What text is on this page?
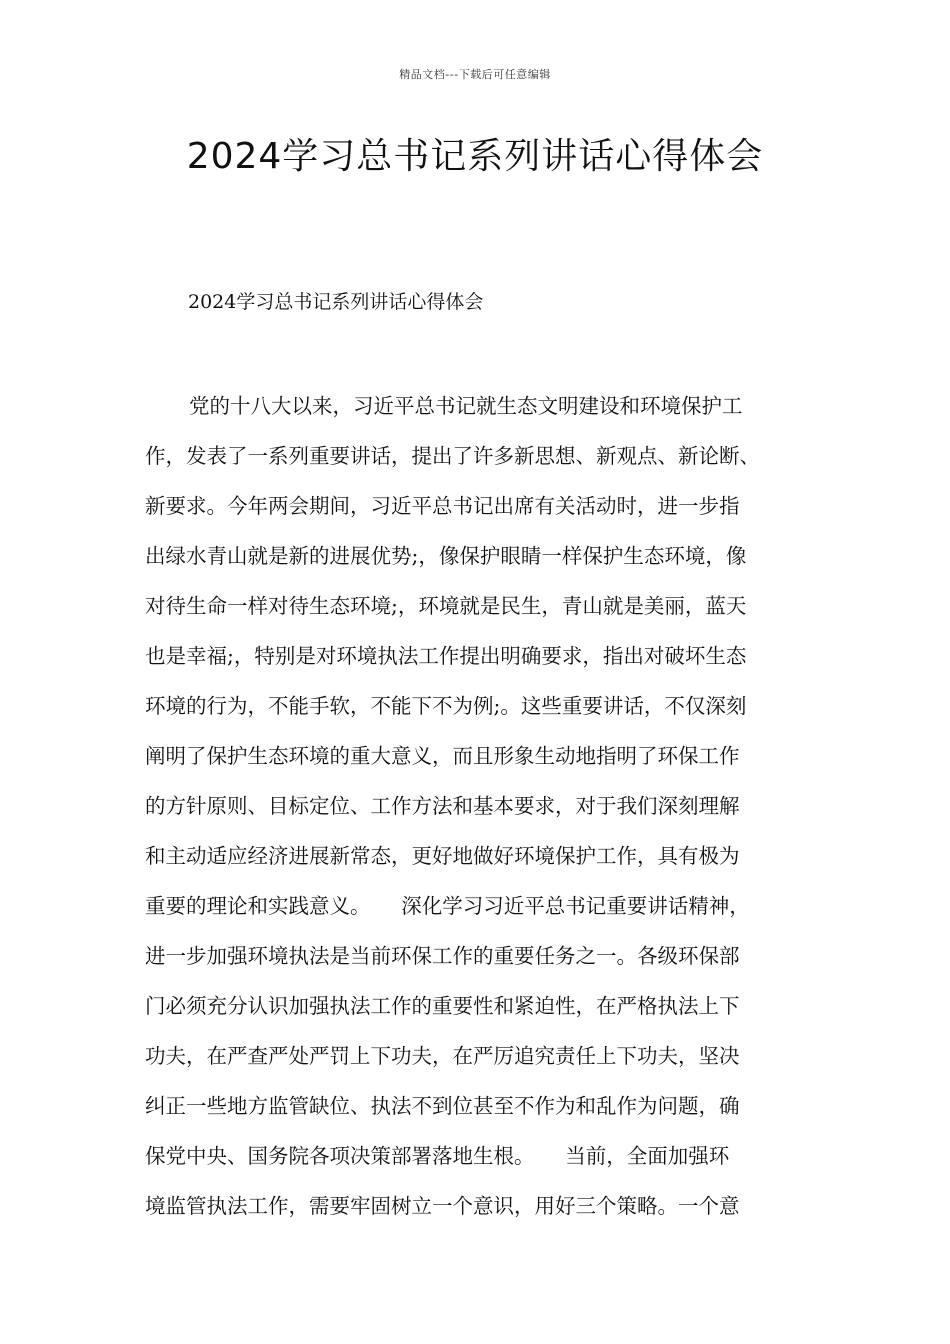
精品文档---下载后可任意编辑
2024学习总书记系列讲话心得体会
2024学习总书记系列讲话心得体会

党的十八大以来，习近平总书记就生态文明建设和环境保护工
作，发表了一系列重要讲话，提出了许多新思想、新观点、新论断、
新要求。今年两会期间，习近平总书记出席有关活动时，进一步指
出绿水青山就是新的进展优势;，像保护眼睛一样保护生态环境，像
对待生命一样对待生态环境;，环境就是民生，青山就是美丽，蓝天
也是幸福;，特别是对环境执法工作提出明确要求，指出对破坏生态
环境的行为，不能手软，不能下不为例;。这些重要讲话，不仅深刻
阐明了保护生态环境的重大意义，而且形象生动地指明了环保工作
的方针原则、目标定位、工作方法和基本要求，对于我们深刻理解
和主动适应经济进展新常态，更好地做好环境保护工作，具有极为
重要的理论和实践意义。　　深化学习习近平总书记重要讲话精神，
进一步加强环境执法是当前环保工作的重要任务之一。各级环保部
门必须充分认识加强执法工作的重要性和紧迫性，在严格执法上下
功夫，在严查严处严罚上下功夫，在严厉追究责任上下功夫，坚决
纠正一些地方监管缺位、执法不到位甚至不作为和乱作为问题，确
保党中央、国务院各项决策部署落地生根。　　当前，全面加强环
境监管执法工作，需要牢固树立一个意识，用好三个策略。一个意
